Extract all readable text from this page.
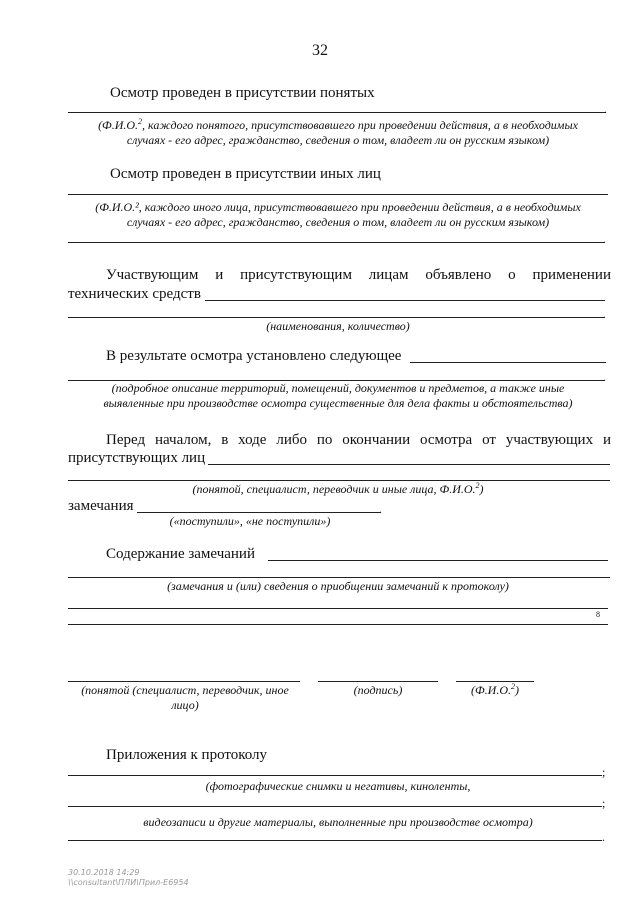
32
Осмотр проведен в присутствии понятых
.
(Ф.И.О.$^2$, каждого понятого, присутствовавшего при проведении действия, а в необходимых
случаях - его адрес, гражданство, сведения о том, владеет ли он русским языком)
Осмотр проведен в присутствии иных лиц
(Ф.И.О.², каждого иного лица, присутствовавшего при проведении действия, а в необходимых
случаях - его адрес, гражданство, сведения о том, владеет ли он русским языком)
.
Участвующим и присутствующим лицам объявлено о применении
технических средств
.
(наименования, количество)
В результате осмотра установлено следующее
.
(подробное описание территорий, помещений, документов и предметов, а также иные
выявленные при производстве осмотра существенные для дела факты и обстоятельства)
Перед началом, в ходе либо по окончании осмотра от участвующих и
присутствующих лиц
(понятой, специалист, переводчик и иные лица, Ф.И.О.$^2$)
замечания	.
(«поступили», «не поступили»)
Содержание замечаний
(замечания и (или) сведения о приобщении замечаний к протоколу)
8
(понятой (специалист, переводчик, иное
лицо)
(подпись)	(Ф.И.О.$^2$)
Приложения к протоколу
;
(фотографические снимки и негативы, киноленты,
;
видеозаписи и другие материалы, выполненные при производстве осмотра)
.
30.10.2018 14:29
\\consultant\ПЛИ\Прил-Е6954
